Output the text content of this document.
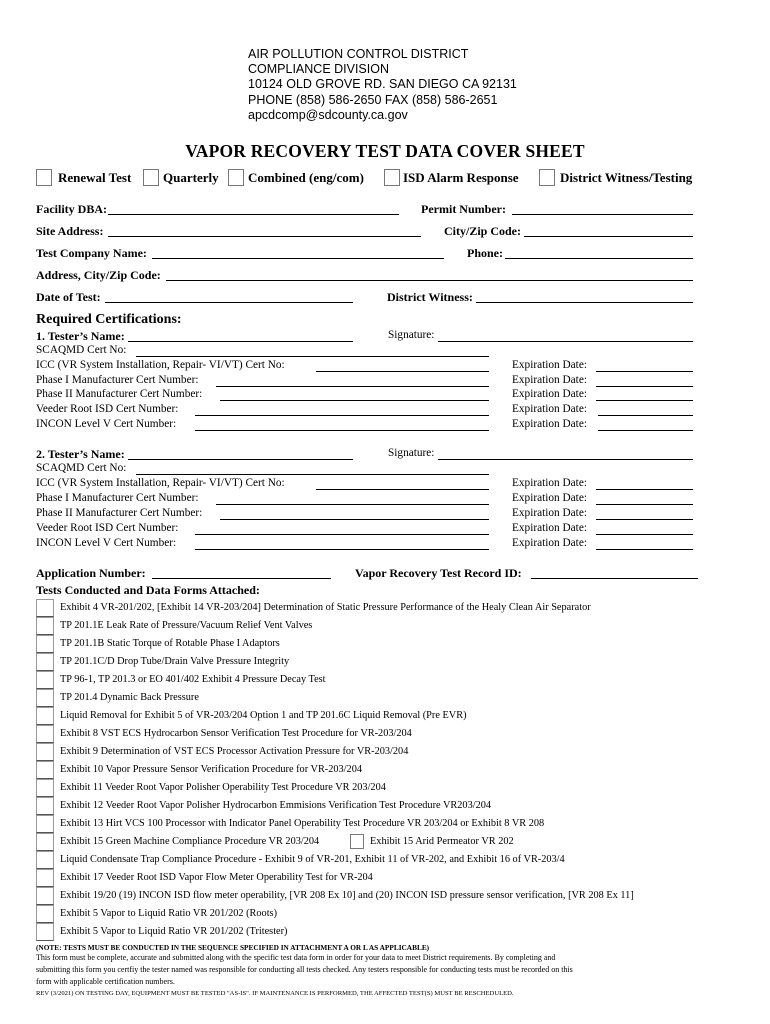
AIR POLLUTION CONTROL DISTRICT
COMPLIANCE DIVISION
10124 OLD GROVE RD. SAN DIEGO CA 92131
PHONE (858) 586-2650 FAX (858) 586-2651
apcdcomp@sdcounty.ca.gov
VAPOR RECOVERY TEST DATA COVER SHEET
Renewal Test Quarterly Combined (eng/com)	ISD Alarm Response	District Witness/Testing
Facility DBA:	Permit Number:
Site Address:	City/Zip Code:
Test Company Name:	Phone:
Address, City/Zip Code:
Date of Test:	District Witness:
Required Certifications:
1. Tester’s Name:	Signature:
SCAQMD Cert No:
ICC (VR System Installation, Repair- VI/VT) Cert No:	Expiration Date:
Phase I Manufacturer Cert Number:	Expiration Date:
Phase II Manufacturer Cert Number:	Expiration Date:
Veeder Root ISD Cert Number:	Expiration Date:
INCON Level V Cert Number:	Expiration Date:
2. Tester’s Name:	Signature:
SCAQMD Cert No:
ICC (VR System Installation, Repair- VI/VT) Cert No:	Expiration Date:
Phase I Manufacturer Cert Number:	Expiration Date:
Phase II Manufacturer Cert Number:	Expiration Date:
Veeder Root ISD Cert Number:	Expiration Date:
INCON Level V Cert Number:	Expiration Date:
Application Number:	Vapor Recovery Test Record ID:
Tests Conducted and Data Forms Attached:
Exhibit 4 VR-201/202, [Exhibit 14 VR-203/204] Determination of Static Pressure Performance of the Healy Clean Air Separator
TP 201.1E Leak Rate of Pressure/Vacuum Relief Vent Valves
TP 201.1B Static Torque of Rotable Phase I Adaptors
TP 201.1C/D Drop Tube/Drain Valve Pressure Integrity
TP 96-1, TP 201.3 or EO 401/402 Exhibit 4 Pressure Decay Test
TP 201.4 Dynamic Back Pressure
Liquid Removal for Exhibit 5 of VR-203/204 Option 1 and TP 201.6C Liquid Removal (Pre EVR)
Exhibit 8 VST ECS Hydrocarbon Sensor Verification Test Procedure for VR-203/204
Exhibit 9 Determination of VST ECS Processor Activation Pressure for VR-203/204
Exhibit 10 Vapor Pressure Sensor Verification Procedure for VR-203/204
Exhibit 11 Veeder Root Vapor Polisher Operability Test Procedure VR 203/204
Exhibit 12 Veeder Root Vapor Polisher Hydrocarbon Emmisions Verification Test Procedure VR203/204
Exhibit 13 Hirt VCS 100 Processor with Indicator Panel Operability Test Procedure VR 203/204 or Exhibit 8 VR 208
Exhibit 15 Green Machine Compliance Procedure VR 203/204	Exhibit 15 Arid Permeator VR 202
Liquid Condensate Trap Compliance Procedure - Exhibit 9 of VR-201, Exhibit 11 of VR-202, and Exhibit 16 of VR-203/4
Exhibit 17 Veeder Root ISD Vapor Flow Meter Operability Test for VR-204
Exhibit 19/20 (19) INCON ISD flow meter operability, [VR 208 Ex 10] and (20) INCON ISD pressure sensor verification, [VR 208 Ex 11]
Exhibit 5 Vapor to Liquid Ratio VR 201/202 (Roots)
Exhibit 5 Vapor to Liquid Ratio VR 201/202 (Tritester)
(NOTE: TESTS MUST BE CONDUCTED IN THE SEQUENCE SPECIFIED IN ATTACHMENT A OR L AS APPLICABLE)
This form must be complete, accurate and submitted along with the specific test data form in order for your data to meet District requirements. By completing and
submitting this form you certfiy the tester named was responsible for conducting all tests checked. Any testers responsible for conducting tests must be recorded on this
form with applicable certification numbers.
REV (3/2021) ON TESTING DAY, EQUIPMENT MUST BE TESTED "AS-IS". IF MAINTENANCE IS PERFORMED, THE AFFECTED TEST(S) MUST BE RESCHEDULED.
